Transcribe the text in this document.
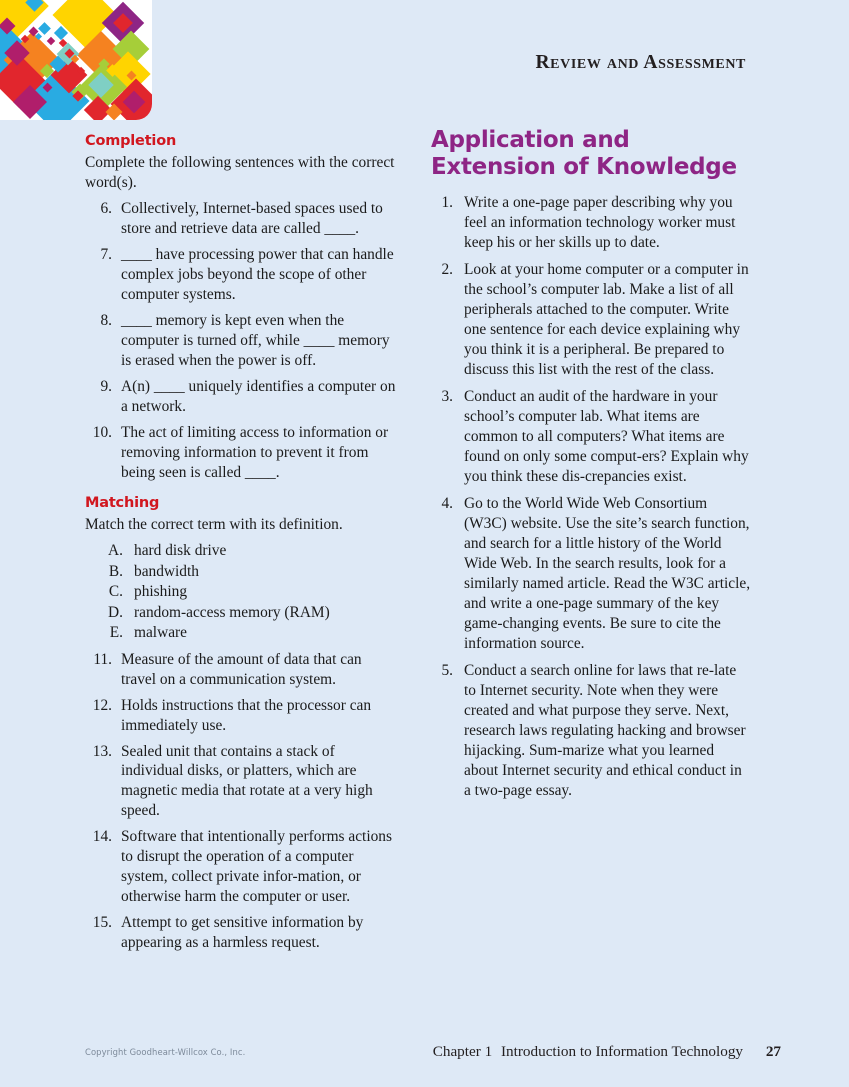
Review and Assessment
Completion

Complete the following sentences with the correct word(s).

6. Collectively, Internet-based spaces used to store and retrieve data are called ____.
7. ____ have processing power that can handle complex jobs beyond the scope of other computer systems.
8. ____ memory is kept even when the computer is turned off, while ____ memory is erased when the power is off.
9. A(n) ____ uniquely identifies a computer on a network.
10. The act of limiting access to information or removing information to prevent it from being seen is called ____.
Matching

Match the correct term with its definition.

A. hard disk drive
B. bandwidth
C. phishing
D. random-access memory (RAM)
E. malware
11. Measure of the amount of data that can travel on a communication system.
12. Holds instructions that the processor can immediately use.
13. Sealed unit that contains a stack of individual disks, or platters, which are magnetic media that rotate at a very high speed.
14. Software that intentionally performs actions to disrupt the operation of a computer system, collect private infor-mation, or otherwise harm the computer or user.
15. Attempt to get sensitive information by appearing as a harmless request.
Application and Extension of Knowledge
1. Write a one-page paper describing why you feel an information technology worker must keep his or her skills up to date.
2. Look at your home computer or a computer in the school’s computer lab. Make a list of all peripherals attached to the computer. Write one sentence for each device explaining why you think it is a peripheral. Be prepared to discuss this list with the rest of the class.
3. Conduct an audit of the hardware in your school’s computer lab. What items are common to all computers? What items are found on only some comput-ers? Explain why you think these dis-crepancies exist.
4. Go to the World Wide Web Consortium (W3C) website. Use the site’s search function, and search for a little history of the World Wide Web. In the search results, look for a similarly named article. Read the W3C article, and write a one-page summary of the key game-changing events. Be sure to cite the information source.
5. Conduct a search online for laws that re-late to Internet security. Note when they were created and what purpose they serve. Next, research laws regulating hacking and browser hijacking. Sum-marize what you learned about Internet security and ethical conduct in a two-page essay.
Copyright Goodheart-Willcox Co., Inc.	Chapter 1 Introduction to Information Technology 27
